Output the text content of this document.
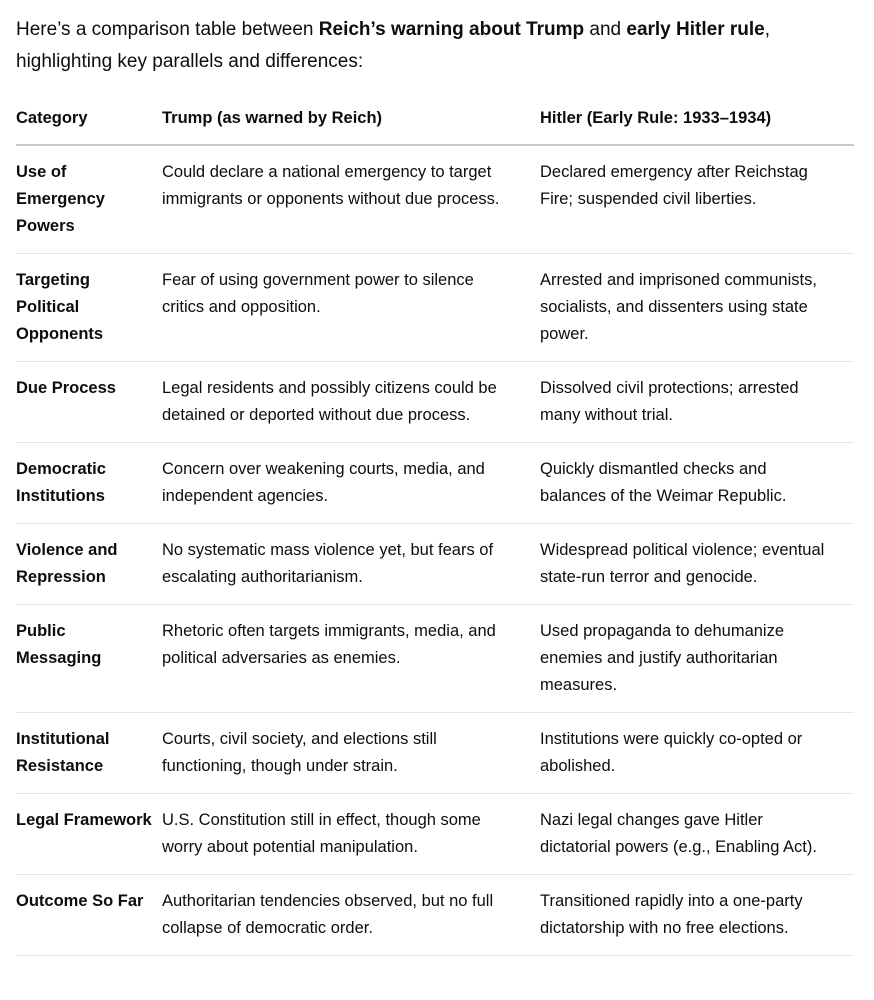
Here’s a comparison table between Reich’s warning about Trump and early Hitler rule, highlighting key parallels and differences:

Category	Trump (as warned by Reich)	Hitler (Early Rule: 1933–1934)
Use of Emergency Powers	Could declare a national emergency to target immigrants or opponents without due process.	Declared emergency after Reichstag Fire; suspended civil liberties.
Targeting Political Opponents	Fear of using government power to silence critics and opposition.	Arrested and imprisoned communists, socialists, and dissenters using state power.
Due Process	Legal residents and possibly citizens could be detained or deported without due process.	Dissolved civil protections; arrested many without trial.
Democratic Institutions	Concern over weakening courts, media, and independent agencies.	Quickly dismantled checks and balances of the Weimar Republic.
Violence and Repression	No systematic mass violence yet, but fears of escalating authoritarianism.	Widespread political violence; eventual state-run terror and genocide.
Public Messaging	Rhetoric often targets immigrants, media, and political adversaries as enemies.	Used propaganda to dehumanize enemies and justify authoritarian measures.
Institutional Resistance	Courts, civil society, and elections still functioning, though under strain.	Institutions were quickly co-opted or abolished.
Legal Framework	U.S. Constitution still in effect, though some worry about potential manipulation.	Nazi legal changes gave Hitler dictatorial powers (e.g., Enabling Act).
Outcome So Far	Authoritarian tendencies observed, but no full collapse of democratic order.	Transitioned rapidly into a one-party dictatorship with no free elections.
